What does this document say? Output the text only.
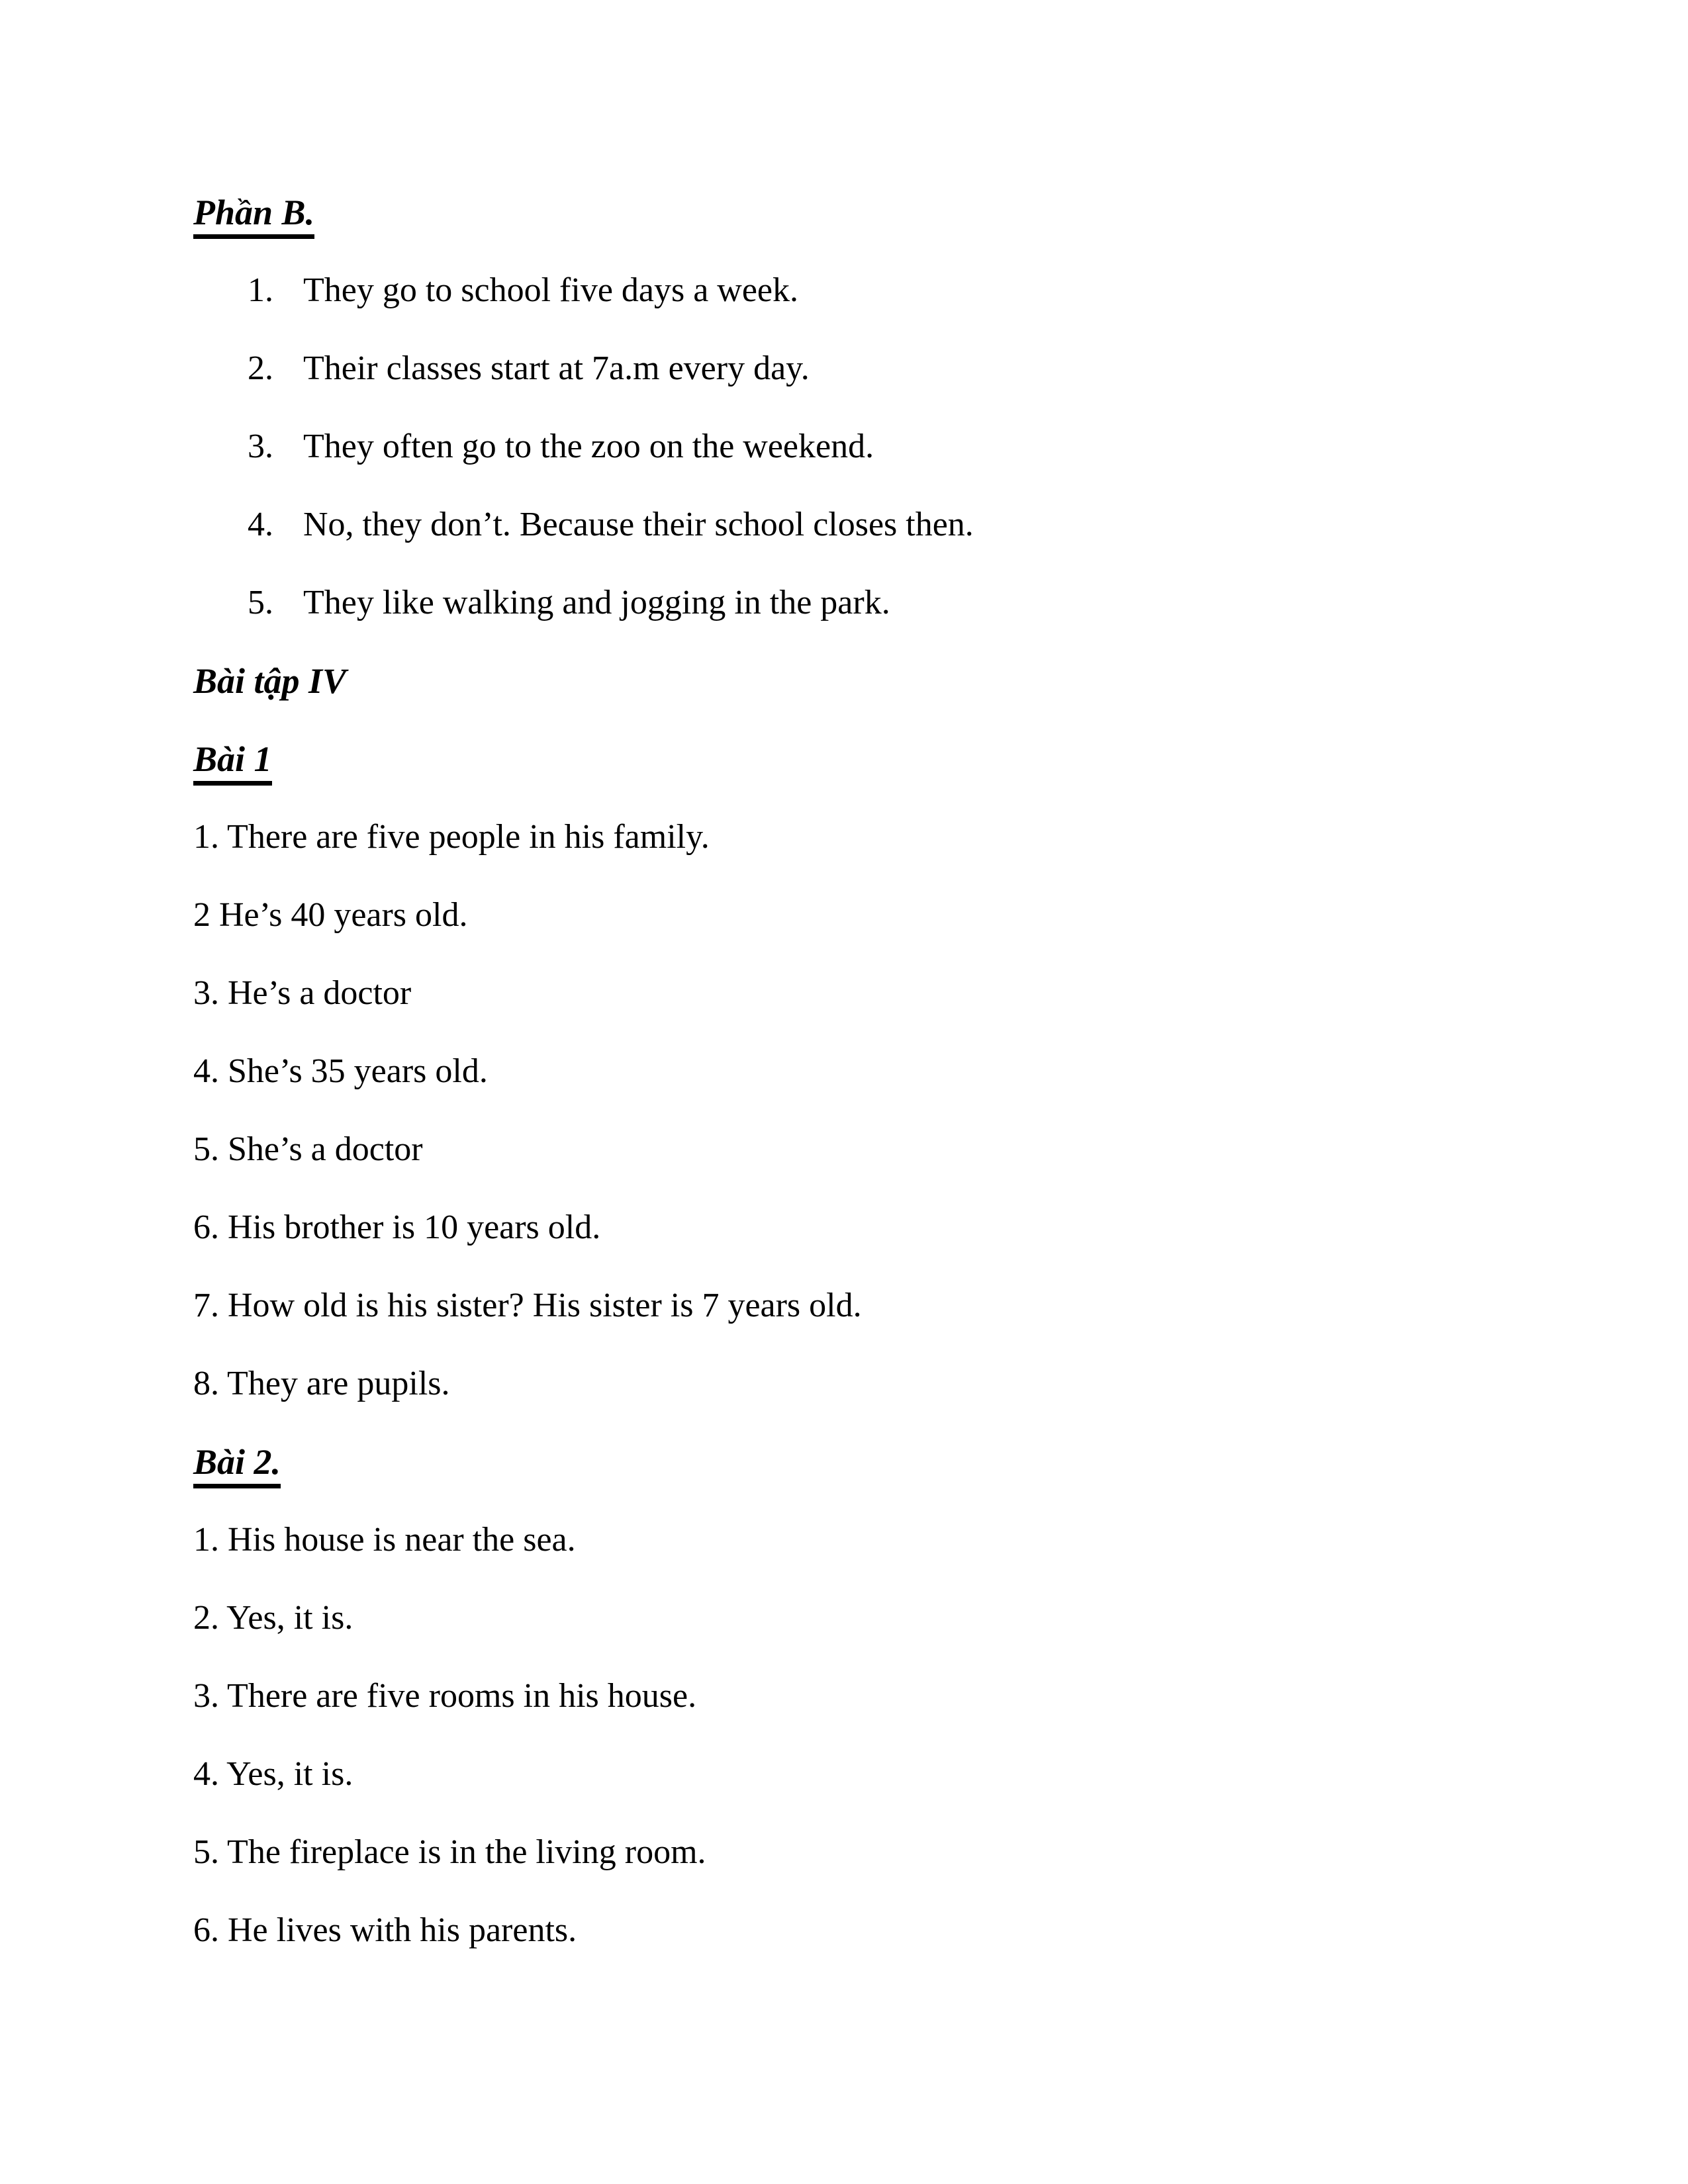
Phần B.

1. They go to school five days a week.

2. Their classes start at 7a.m every day.

3. They often go to the zoo on the weekend.

4. No, they don’t. Because their school closes then.

5. They like walking and jogging in the park.

Bài tập IV
Bài 1

1. There are five people in his family.

2 He’s 40 years old.

3. He’s a doctor

4. She’s 35 years old.

5. She’s a doctor

6. His brother is 10 years old.

7. How old is his sister? His sister is 7 years old.

8. They are pupils.

Bài 2.

1. His house is near the sea.

2. Yes, it is.

3. There are five rooms in his house.

4. Yes, it is.

5. The fireplace is in the living room.

6. He lives with his parents.
